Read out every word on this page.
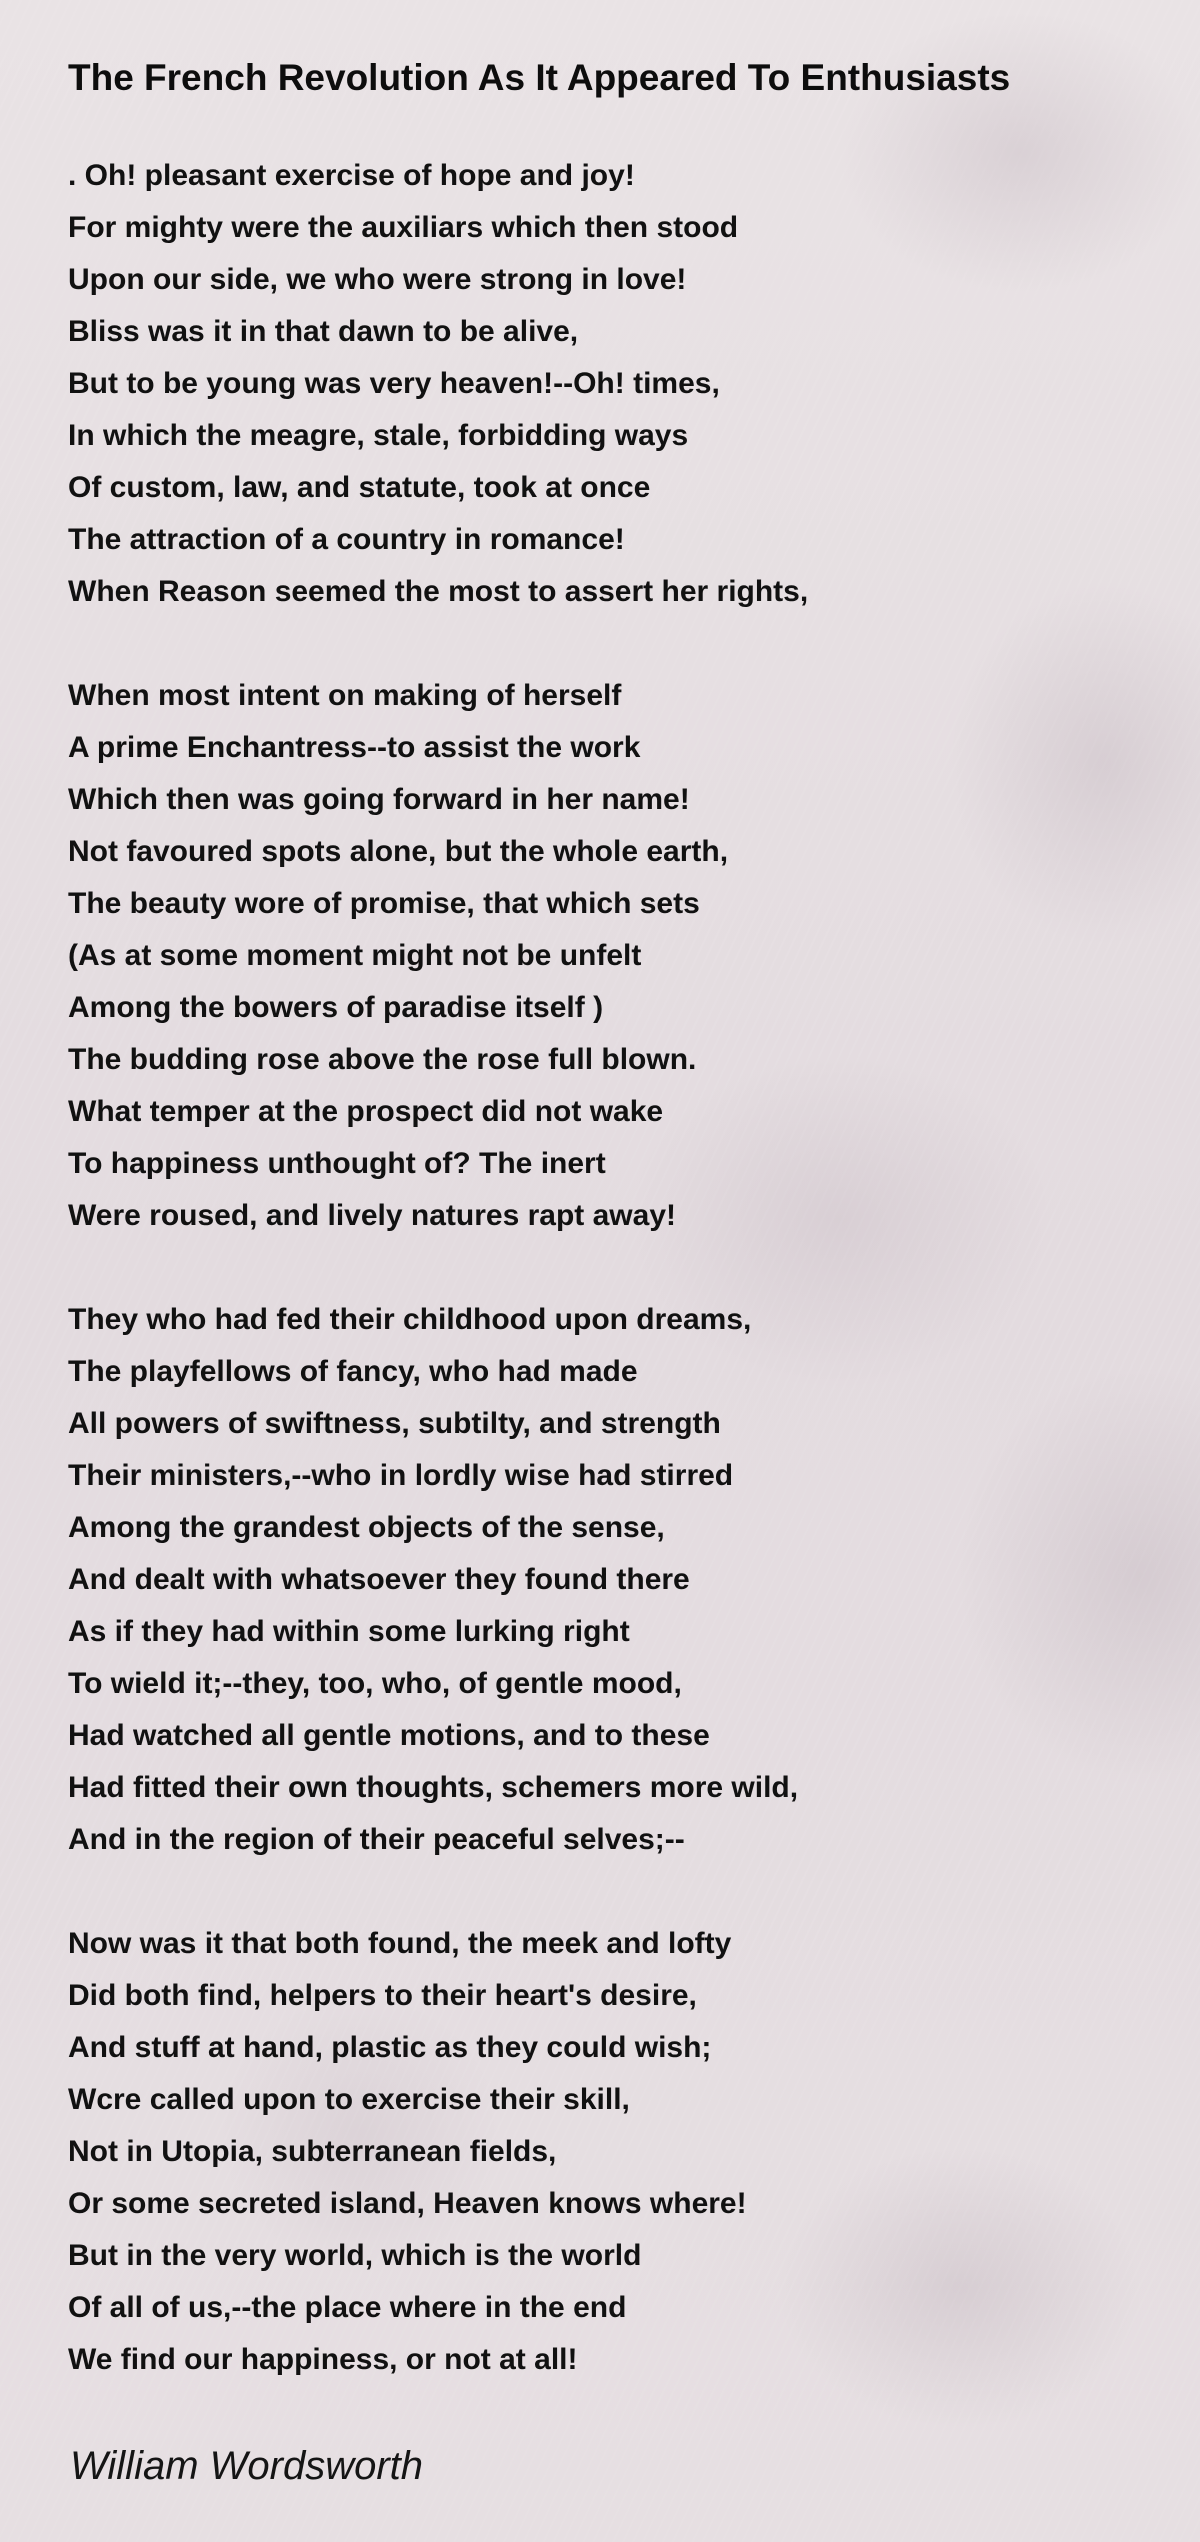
The French Revolution As It Appeared To Enthusiasts
. Oh! pleasant exercise of hope and joy!
For mighty were the auxiliars which then stood
Upon our side, we who were strong in love!
Bliss was it in that dawn to be alive,
But to be young was very heaven!--Oh! times,
In which the meagre, stale, forbidding ways
Of custom, law, and statute, took at once
The attraction of a country in romance!
When Reason seemed the most to assert her rights,
When most intent on making of herself
A prime Enchantress--to assist the work
Which then was going forward in her name!
Not favoured spots alone, but the whole earth,
The beauty wore of promise, that which sets
(As at some moment might not be unfelt
Among the bowers of paradise itself )
The budding rose above the rose full blown.
What temper at the prospect did not wake
To happiness unthought of? The inert
Were roused, and lively natures rapt away!
They who had fed their childhood upon dreams,
The playfellows of fancy, who had made
All powers of swiftness, subtilty, and strength
Their ministers,--who in lordly wise had stirred
Among the grandest objects of the sense,
And dealt with whatsoever they found there
As if they had within some lurking right
To wield it;--they, too, who, of gentle mood,
Had watched all gentle motions, and to these
Had fitted their own thoughts, schemers more wild,
And in the region of their peaceful selves;--
Now was it that both found, the meek and lofty
Did both find, helpers to their heart's desire,
And stuff at hand, plastic as they could wish;
Wcre called upon to exercise their skill,
Not in Utopia, subterranean fields,
Or some secreted island, Heaven knows where!
But in the very world, which is the world
Of all of us,--the place where in the end
We find our happiness, or not at all!

William Wordsworth
